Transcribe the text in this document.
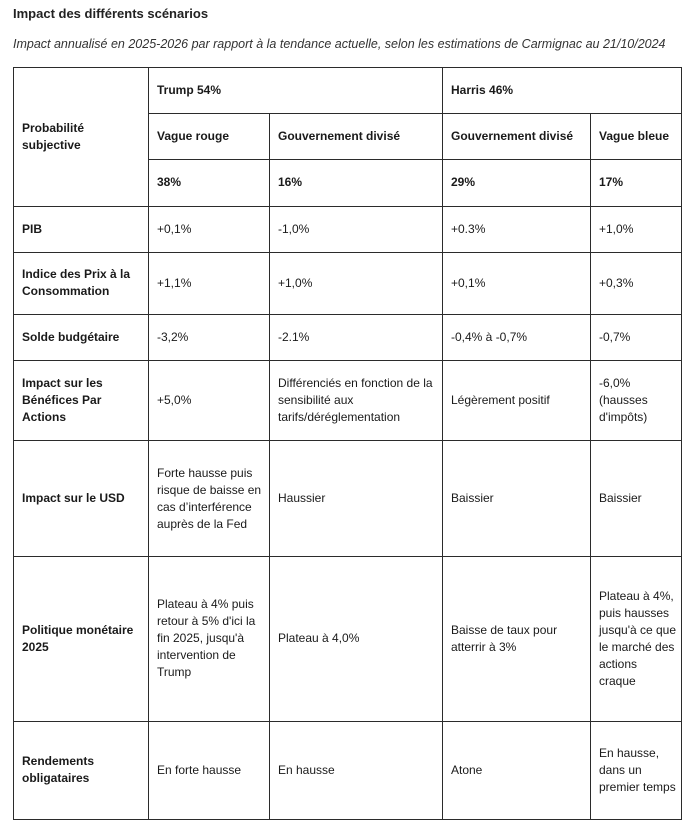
Impact des différents scénarios
Impact annualisé en 2025-2026 par rapport à la tendance actuelle, selon les estimations de Carmignac au 21/10/2024
Probabilité subjective	Trump 54%		Harris 46%	
	Vague rouge	Gouvernement divisé	Gouvernement divisé	Vague bleue
	38%	16%	29%	17%
PIB	+0,1%	-1,0%	+0.3%	+1,0%
Indice des Prix à la Consommation	+1,1%	+1,0%	+0,1%	+0,3%
Solde budgétaire	-3,2%	-2.1%	-0,4% à -0,7%	-0,7%
Impact sur les Bénéfices Par Actions	+5,0%	Différenciés en fonction de la sensibilité aux tarifs/déréglementation	Légèrement positif	-6,0% (hausses d'impôts)
Impact sur le USD	Forte hausse puis risque de baisse en cas d’interférence auprès de la Fed	Haussier	Baissier	Baissier
Politique monétaire 2025	Plateau à 4% puis retour à 5% d'ici la fin 2025, jusqu'à intervention de Trump	Plateau à 4,0%	Baisse de taux pour atterrir à 3%	Plateau à 4%, puis hausses jusqu'à ce que le marché des actions craque
Rendements obligataires	En forte hausse	En hausse	Atone	En hausse, dans un premier temps
